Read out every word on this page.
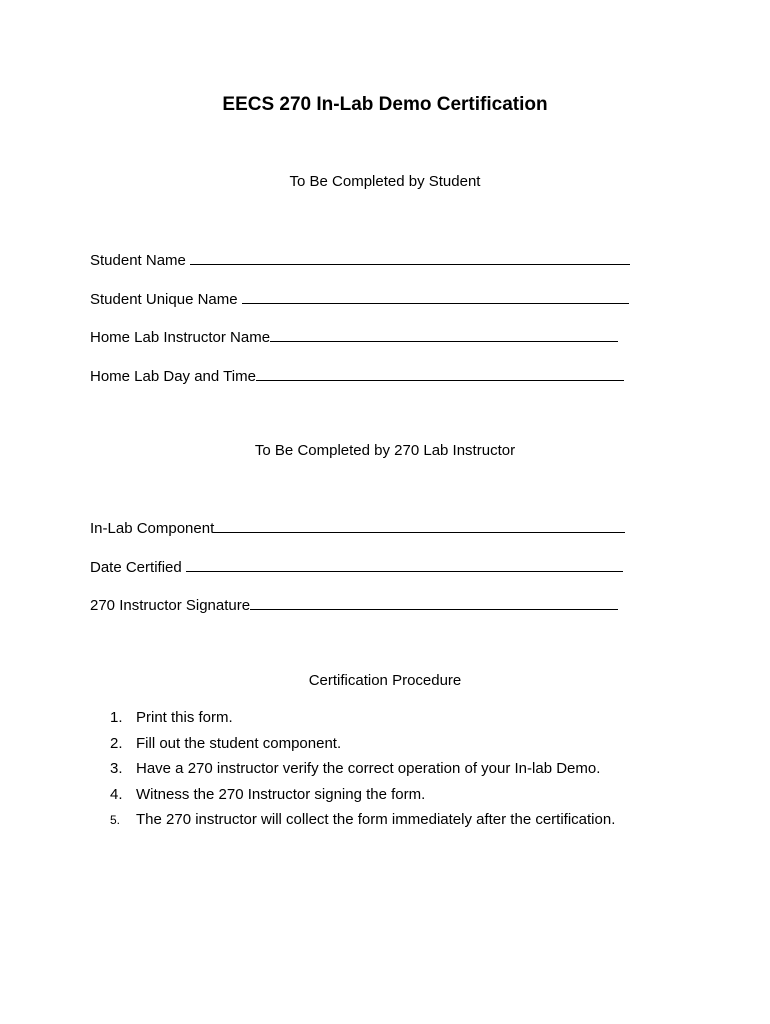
EECS 270 In-Lab Demo Certification
To Be Completed by Student
Student Name
Student Unique Name
Home Lab Instructor Name
Home Lab Day and Time
To Be Completed by 270 Lab Instructor
In-Lab Component
Date Certified
270 Instructor Signature
Certification Procedure
1. Print this form.
2. Fill out the student component.
3. Have a 270 instructor verify the correct operation of your In-lab Demo.
4. Witness the 270 Instructor signing the form.
5.	The 270 instructor will collect the form immediately after the certification.
